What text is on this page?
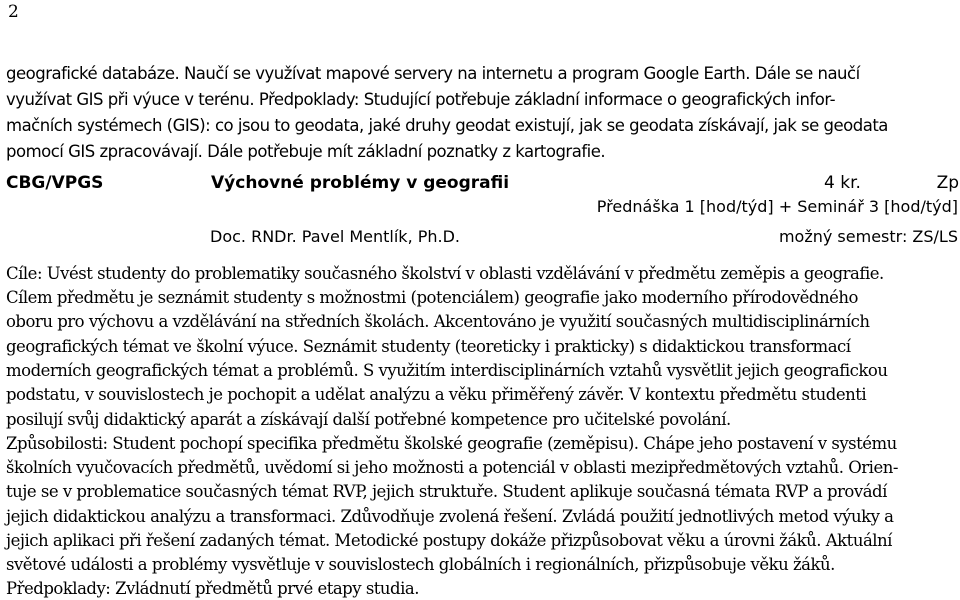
2
geografické databáze. Naučí se využívat mapové servery na internetu a program Google Earth. Dále se naučí
využívat GIS při výuce v terénu. Předpoklady: Studující potřebuje základní informace o geografických infor-
mačních systémech (GIS): co jsou to geodata, jaké druhy geodat existují, jak se geodata získávají, jak se geodata
pomocí GIS zpracovávají. Dále potřebuje mít základní poznatky z kartografie.
CBG/VPGS	Výchovné problémy v geografii	4 kr.	Zp
Přednáška 1 [hod/týd] + Seminář 3 [hod/týd]
Doc. RNDr. Pavel Mentlík, Ph.D.	možný semestr: ZS/LS
Cíle: Uvést studenty do problematiky současného školství v oblasti vzdělávání v předmětu zeměpis a geografie.
Cílem předmětu je seznámit studenty s možnostmi (potenciálem) geografie jako moderního přírodovědného
oboru pro výchovu a vzdělávání na středních školách. Akcentováno je využití současných multidisciplinárních
geografických témat ve školní výuce. Seznámit studenty (teoreticky i prakticky) s didaktickou transformací
moderních geografických témat a problémů. S využitím interdisciplinárních vztahů vysvětlit jejich geografickou
podstatu, v souvislostech je pochopit a udělat analýzu a věku přiměřený závěr. V kontextu předmětu studenti
posilují svůj didaktický aparát a získávají další potřebné kompetence pro učitelské povolání.
Způsobilosti: Student pochopí specifika předmětu školské geografie (zeměpisu). Chápe jeho postavení v systému
školních vyučovacích předmětů, uvědomí si jeho možnosti a potenciál v oblasti mezipředmětových vztahů. Orien-
tuje se v problematice současných témat RVP, jejich struktuře. Student aplikuje současná témata RVP a provádí
jejich didaktickou analýzu a transformaci. Zdůvodňuje zvolená řešení. Zvládá použití jednotlivých metod výuky a
jejich aplikaci při řešení zadaných témat. Metodické postupy dokáže přizpůsobovat věku a úrovni žáků. Aktuální
světové události a problémy vysvětluje v souvislostech globálních i regionálních, přizpůsobuje věku žáků.
Předpoklady: Zvládnutí předmětů prvé etapy studia.
